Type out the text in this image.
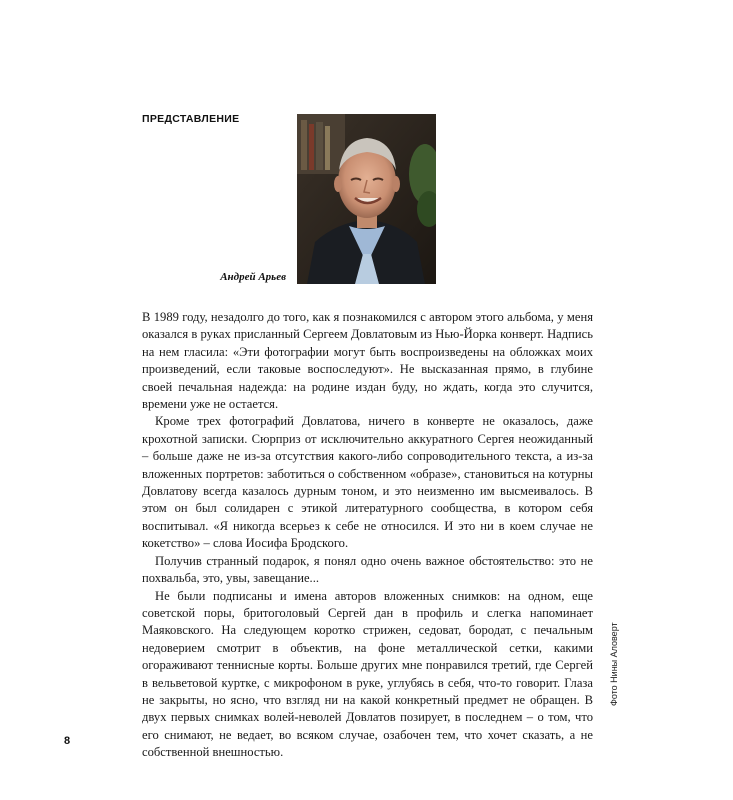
ПРЕДСТАВЛЕНИЕ
Андрей Арьев

В 1989 году, незадолго до того, как я познакомился с автором этого альбома, у меня оказался в руках присланный Сергеем Довлатовым из Нью-Йорка конверт. Надпись на нем гласила: «Эти фотографии могут быть воспроизведены на обложках моих произведений, если таковые воспоследуют». Не высказанная прямо, в глубине своей печальная надежда: на родине издан буду, но ждать, когда это случится, времени уже не остается.

Кроме трех фотографий Довлатова, ничего в конверте не оказалось, даже крохотной записки. Сюрприз от исключительно аккуратного Сергея неожиданный – больше даже не из-за отсутствия какого-либо сопроводительного текста, а из-за вложенных портретов: заботиться о собственном «образе», становиться на котурны Довлатову всегда казалось дурным тоном, и это неизменно им высмеивалось. В этом он был солидарен с этикой литературного сообщества, в котором себя воспитывал. «Я никогда всерьез к себе не относился. И это ни в коем случае не кокетство» – слова Иосифа Бродского.

Получив странный подарок, я понял одно очень важное обстоятельство: это не похвальба, это, увы, завещание...

Не были подписаны и имена авторов вложенных снимков: на одном, еще советской поры, бритоголовый Сергей дан в профиль и слегка напоминает Маяковского. На следующем коротко стрижен, седоват, бородат, с печальным недоверием смотрит в объектив, на фоне металлической сетки, какими огораживают теннисные корты. Больше других мне понравился третий, где Сергей в вельветовой куртке, с микрофоном в руке, углубясь в себя, что-то говорит. Глаза не закрыты, но ясно, что взгляд ни на какой конкретный предмет не обращен. В двух первых снимках волей-неволей Довлатов позирует, в последнем – о том, что его снимают, не ведает, во всяком случае, озабочен тем, что хочет сказать, а не собственной внешностью.

Фото Нины Аловерт
8
